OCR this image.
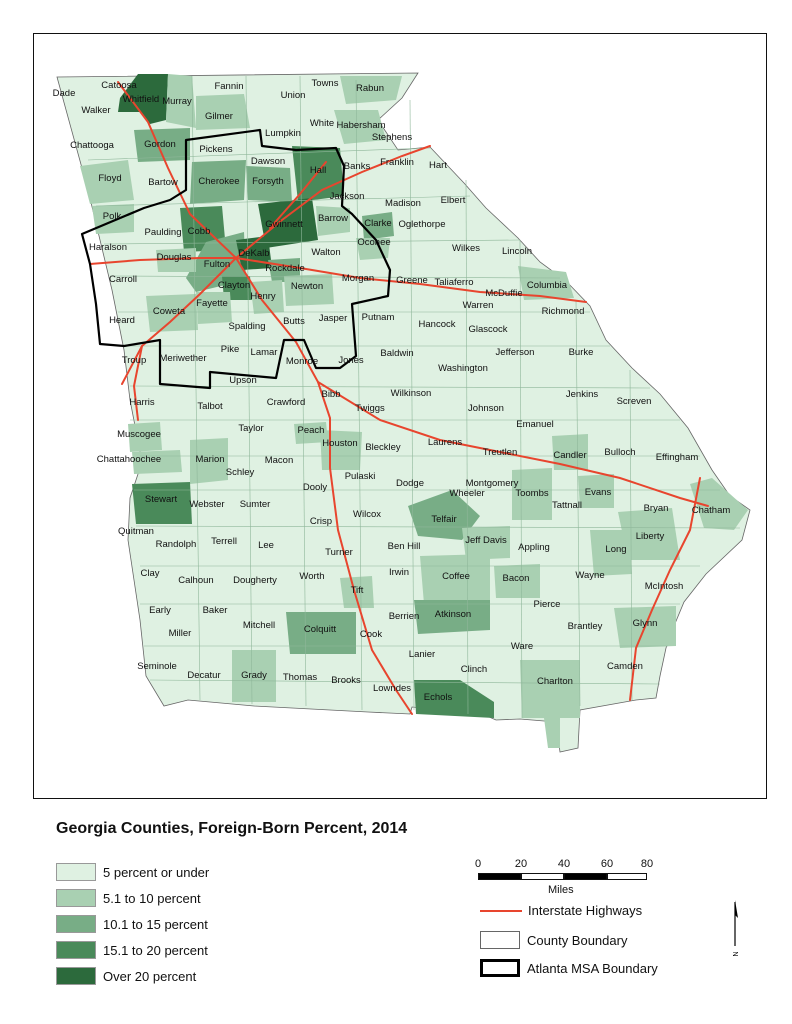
Dade
Catoosa
Walker
Whitfield Murray
Fannin
Union
Towns Rabun
Gilmer
White Habersham
Lumpkin	Stephens
Chattooga	Gordon Pickens
Dawson
Hall Banks Franklin Hart
Floyd	Bartow Cherokee Forsyth
Jackson
Madison Elbert
Polk
Paulding Cobb
Gwinnett
Barrow Clarke Oglethorpe
Oconee
Haralson
Douglas	DeKalb	Walton	Wilkes Lincoln
Fulton	Rockdale
Carroll
Clayton
Morgan Greene Taliaferro	Columbia
Newton
McDuffie
Henry
Fayette	Warren
Coweta	Richmond
Jasper Putnam
Heard	Butts	Hancock Glascock
Spalding
Pike Lamar
Meriwether	Baldwin	Jefferson	Burke
Troup	Monroe Jones
Washington
Upson
Wilkinson	Jenkins
Bibb
Harris	Crawford	Screven
Talbot	Twiggs	Johnson
Emanuel
Taylor	Peach
Muscogee
Houston	Laurens
Bleckley	Treutlen	Bulloch
Candler
Chattahoochee	Marion	Macon	Effingham
Schley	Pulaski
Montgomery
Dooly	Dodge
Evans
Toombs
Wheeler
Stewart	Sumter
Webster	Tattnall	Bryan Chatham
Wilcox	Telfair
Crisp
Quitman	Liberty
Terrell	Jeff Davis
Randolph	Lee	Ben Hill	Appling	Long
Turner
Clay	Wayne
Irwin
Worth	Coffee
Calhoun Dougherty	Bacon
McIntosh
Tift
Early	Baker
Pierce
Berrien Atkinson
Glynn
Mitchell	Colquitt	Brantley
Miller	Cook
Ware
Lanier
Seminole	Camden
Clinch
Decatur Grady Thomas Brooks	Charlton
Lowndes
Echols
Georgia Counties, Foreign-Born Percent, 2014
5 percent or under
5.1 to 10 percent
10.1 to 15 percent
15.1 to 20 percent
Over 20 percent
0	20	40	60	80
Miles
Interstate Highways
County Boundary
Atlanta MSA Boundary
N
